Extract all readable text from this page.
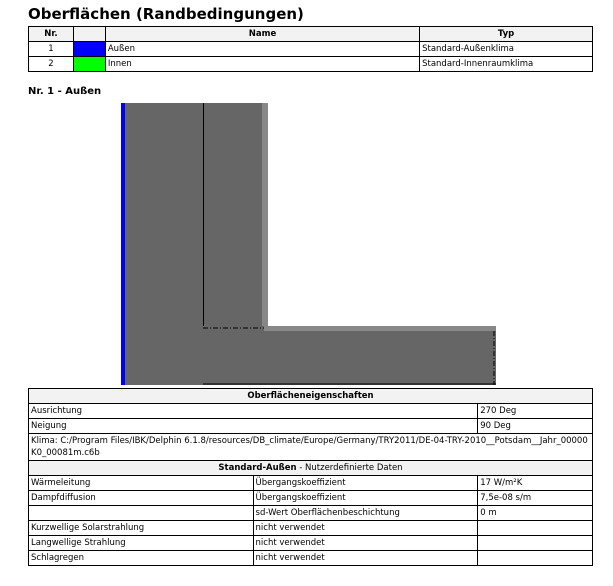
Oberflächen (Randbedingungen)
Nr.		Name	Typ
1		Außen	Standard-Außenklima
2		Innen	Standard-Innenraumklima
Nr. 1 - Außen
Oberflächeneigenschaften		
Ausrichtung		270 Deg
Neigung		90 Deg
Klima: C:/Program Files/IBK/Delphin 6.1.8/resources/DB_climate/Europe/Germany/TRY2011/DE-04-TRY-2010__Potsdam__Jahr_00000K0_00081m.c6b		
Standard-Außen - Nutzerdefinierte Daten		
Wärmeleitung	Übergangskoeffizient	17 W/m²K
Dampfdiffusion	Übergangskoeffizient	7,5e-08 s/m
	sd-Wert Oberflächenbeschichtung	0 m
Kurzwellige Solarstrahlung	nicht verwendet	
Langwellige Strahlung	nicht verwendet	
Schlagregen	nicht verwendet	
